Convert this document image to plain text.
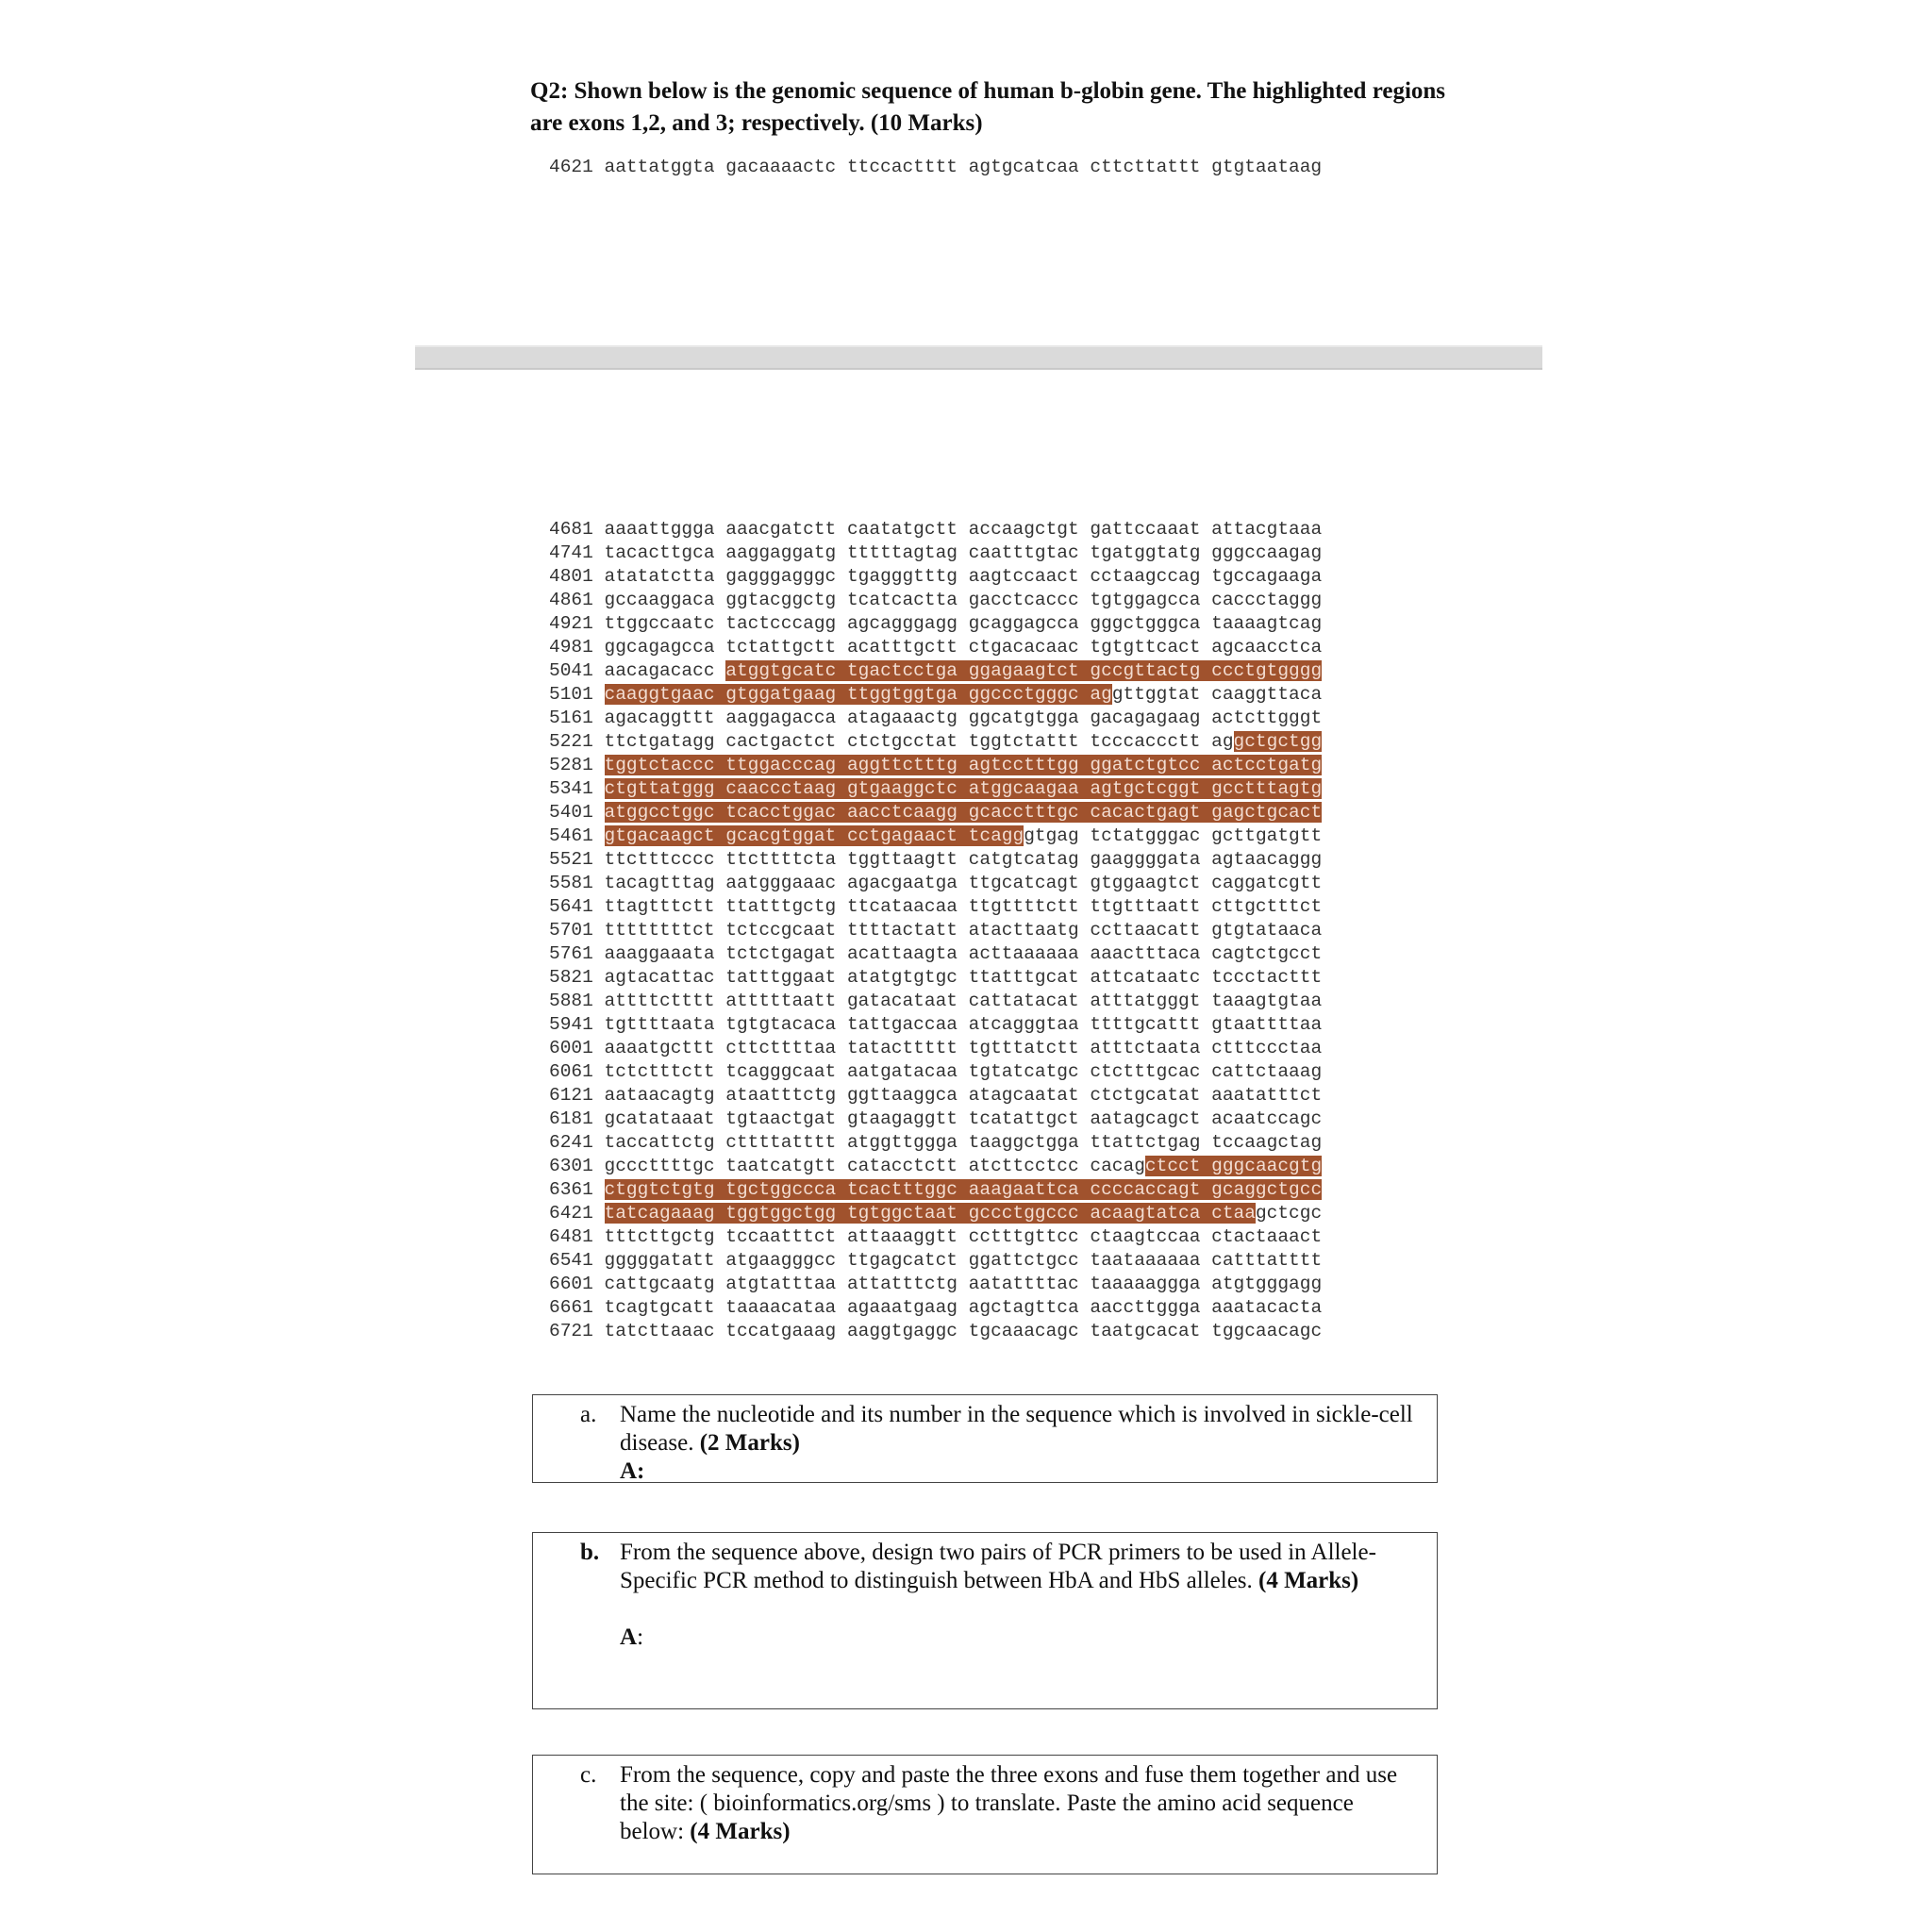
Q2: Shown below is the genomic sequence of human b-globin gene. The highlighted regions are exons 1,2, and 3; respectively. (10 Marks)
4621 aattatggta gacaaaactc ttccactttt agtgcatcaa cttcttattt gtgtaataag
4681 aaaattggga aaacgatctt caatatgctt accaagctgt gattccaaat attacgtaaa
4741 tacacttgca aaggaggatg tttttagtag caatttgtac tgatggtatg gggccaagag
4801 atatatctta gagggagggc tgagggtttg aagtccaact cctaagccag tgccagaaga
4861 gccaaggaca ggtacggctg tcatcactta gacctcaccc tgtggagcca caccctaggg
4921 ttggccaatc tactcccagg agcagggagg gcaggagcca gggctgggca taaaagtcag
4981 ggcagagcca tctattgctt acatttgctt ctgacacaac tgtgttcact agcaacctca
5041 aacagacacc atggtgcatc tgactcctga ggagaagtct gccgttactg ccctgtgggg
5101 caaggtgaac gtggatgaag ttggtggtga ggccctgggc aggttggtat caaggttaca
5161 agacaggttt aaggagacca atagaaactg ggcatgtgga gacagagaag actcttgggt
5221 ttctgatagg cactgactct ctctgcctat tggtctattt tcccaccctt aggctgctgg
5281 tggtctaccc ttggacccag aggttctttg agtcctttgg ggatctgtcc actcctgatg
5341 ctgttatggg caaccctaag gtgaaggctc atggcaagaa agtgctcggt gcctttagtg
5401 atggcctggc tcacctggac aacctcaagg gcacctttgc cacactgagt gagctgcact
5461 gtgacaagct gcacgtggat cctgagaact tcagggtgag tctatgggac gcttgatgtt
5521 ttctttcccc ttcttttcta tggttaagtt catgtcatag gaaggggata agtaacaggg
5581 tacagtttag aatgggaaac agacgaatga ttgcatcagt gtggaagtct caggatcgtt
5641 ttagtttctt ttatttgctg ttcataacaa ttgttttctt ttgtttaatt cttgctttct
5701 ttttttttct tctccgcaat ttttactatt atacttaatg ccttaacatt gtgtataaca
5761 aaaggaaata tctctgagat acattaagta acttaaaaaa aaactttaca cagtctgcct
5821 agtacattac tatttggaat atatgtgtgc ttatttgcat attcataatc tccctacttt
5881 attttctttt atttttaatt gatacataat cattatacat atttatgggt taaagtgtaa
5941 tgttttaata tgtgtacaca tattgaccaa atcagggtaa ttttgcattt gtaattttaa
6001 aaaatgcttt cttcttttaa tatacttttt tgtttatctt atttctaata ctttccctaa
6061 tctctttctt tcagggcaat aatgatacaa tgtatcatgc ctctttgcac cattctaaag
6121 aataacagtg ataatttctg ggttaaggca atagcaatat ctctgcatat aaatatttct
6181 gcatataaat tgtaactgat gtaagaggtt tcatattgct aatagcagct acaatccagc
6241 taccattctg cttttatttt atggttggga taaggctgga ttattctgag tccaagctag
6301 gcccttttgc taatcatgtt catacctctt atcttcctcc cacagctcct gggcaacgtg
6361 ctggtctgtg tgctggccca tcactttggc aaagaattca ccccaccagt gcaggctgcc
6421 tatcagaaag tggtggctgg tgtggctaat gccctggccc acaagtatca ctaagctcgc
6481 tttcttgctg tccaatttct attaaaggtt cctttgttcc ctaagtccaa ctactaaact
6541 gggggatatt atgaagggcc ttgagcatct ggattctgcc taataaaaaa catttatttt
6601 cattgcaatg atgtatttaa attatttctg aatattttac taaaaaggga atgtgggagg
6661 tcagtgcatt taaaacataa agaaatgaag agctagttca aaccttggga aaatacacta
6721 tatcttaaac tccatgaaag aaggtgaggc tgcaaacagc taatgcacat tggcaacagc
a. Name the nucleotide and its number in the sequence which is involved in sickle-cell disease. (2 Marks)
A:
b. From the sequence above, design two pairs of PCR primers to be used in Allele-Specific PCR method to distinguish between HbA and HbS alleles. (4 Marks)
A:
c. From the sequence, copy and paste the three exons and fuse them together and use the site: ( bioinformatics.org/sms ) to translate. Paste the amino acid sequence below: (4 Marks)
